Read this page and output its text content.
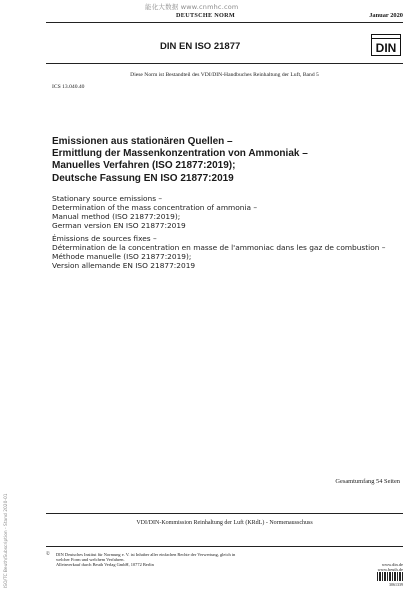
能化大数据 www.cnmhc.com
DEUTSCHE NORM	Januar 2020
DIN EN ISO 21877	DIN
Diese Norm ist Bestandteil des VDI/DIN-Handbuches Reinhaltung der Luft, Band 5
ICS 13.040.40
Emissionen aus stationären Quellen –
Ermittlung der Massenkonzentration von Ammoniak –
Manuelles Verfahren (ISO 21877:2019);
Deutsche Fassung EN ISO 21877:2019
Stationary source emissions –
Determination of the mass concentration of ammonia –
Manual method (ISO 21877:2019);
German version EN ISO 21877:2019
Émissions de sources fixes –
Détermination de la concentration en masse de l'ammoniac dans les gaz de combustion –
Méthode manuelle (ISO 21877:2019);
Version allemande EN ISO 21877:2019
ISO/TC Beuth/Subscription - Stand 2020-01
Gesamtumfang 54 Seiten
VDI/DIN-Kommission Reinhaltung der Luft (KRdL) - Normenausschuss
© DIN Deutsches Institut für Normung e. V. ist Inhaber aller einfachen Rechte der Verwertung, gleich in
welcher Form und welchem Verfahren.
Alleinverkauf durch Beuth Verlag GmbH, 10772 Berlin	www.din.de
www.beuth.de
3061339
